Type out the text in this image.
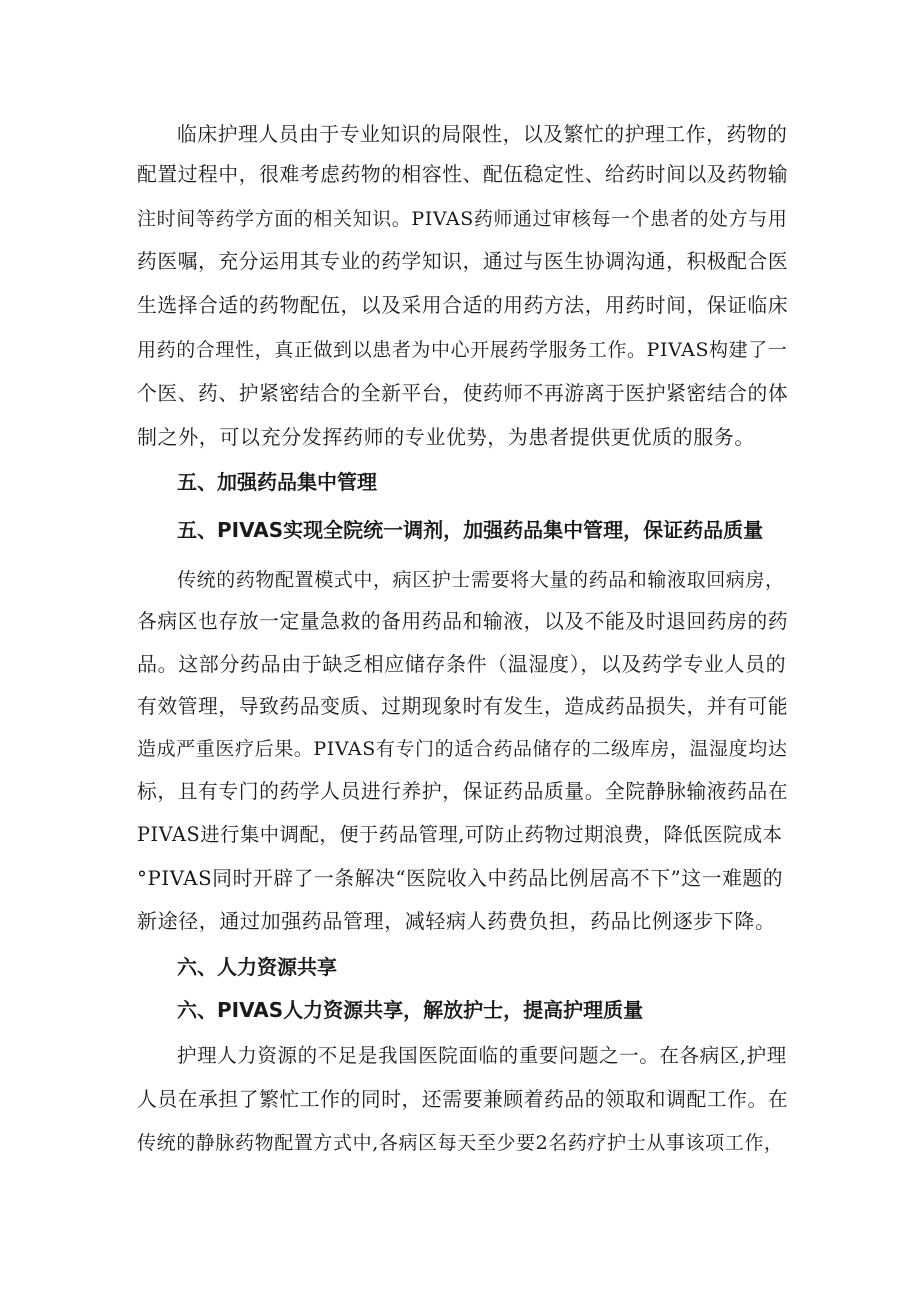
临床护理人员由于专业知识的局限性，以及繁忙的护理工作，药物的
配置过程中，很难考虑药物的相容性、配伍稳定性、给药时间以及药物输
注时间等药学方面的相关知识。PIVAS药师通过审核每一个患者的处方与用
药医嘱，充分运用其专业的药学知识，通过与医生协调沟通，积极配合医
生选择合适的药物配伍，以及采用合适的用药方法，用药时间，保证临床
用药的合理性，真正做到以患者为中心开展药学服务工作。PIVAS构建了一
个医、药、护紧密结合的全新平台，使药师不再游离于医护紧密结合的体
制之外，可以充分发挥药师的专业优势，为患者提供更优质的服务。
五、加强药品集中管理
五、PIVAS实现全院统一调剂，加强药品集中管理，保证药品质量
传统的药物配置模式中，病区护士需要将大量的药品和输液取回病房，
各病区也存放一定量急救的备用药品和输液，以及不能及时退回药房的药
品。这部分药品由于缺乏相应储存条件（温湿度），以及药学专业人员的
有效管理，导致药品变质、过期现象时有发生，造成药品损失，并有可能
造成严重医疗后果。PIVAS有专门的适合药品储存的二级库房，温湿度均达
标，且有专门的药学人员进行养护，保证药品质量。全院静脉输液药品在
PIVAS进行集中调配，便于药品管理,可防止药物过期浪费，降低医院成本
°PIVAS同时开辟了一条解决“医院收入中药品比例居高不下”这一难题的
新途径，通过加强药品管理，减轻病人药费负担，药品比例逐步下降。
六、人力资源共享
六、PIVAS人力资源共享，解放护士，提高护理质量
护理人力资源的不足是我国医院面临的重要问题之一。在各病区,护理
人员在承担了繁忙工作的同时，还需要兼顾着药品的领取和调配工作。在
传统的静脉药物配置方式中,各病区每天至少要2名药疗护士从事该项工作，
